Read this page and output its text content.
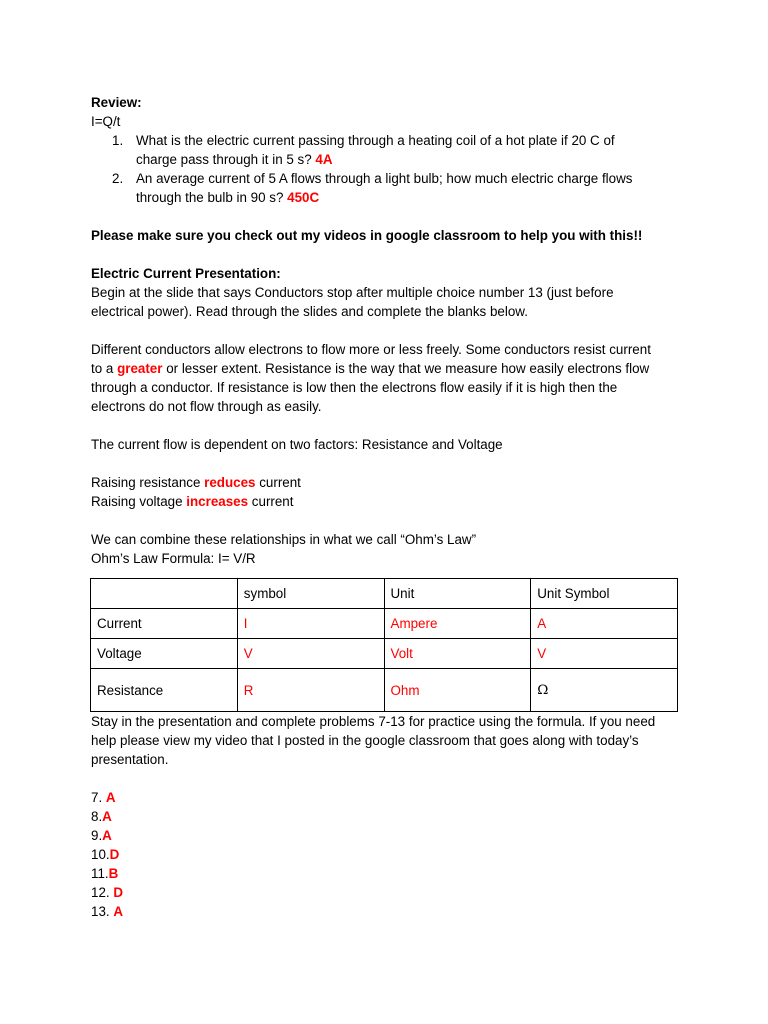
Review:
I=Q/t
1. What is the electric current passing through a heating coil of a hot plate if 20 C of charge pass through it in 5 s? 4A
2. An average current of 5 A flows through a light bulb; how much electric charge flows through the bulb in 90 s? 450C
Please make sure you check out my videos in google classroom to help you with this!!
Electric Current Presentation:
Begin at the slide that says Conductors stop after multiple choice number 13 (just before electrical power). Read through the slides and complete the blanks below.
Different conductors allow electrons to flow more or less freely. Some conductors resist current
to a greater or lesser extent. Resistance is the way that we measure how easily electrons flow
through a conductor. If resistance is low then the electrons flow easily if it is high then the
electrons do not flow through as easily.
The current flow is dependent on two factors: Resistance and Voltage
Raising resistance reduces current
Raising voltage increases current
We can combine these relationships in what we call “Ohm’s Law”
Ohm’s Law Formula: I= V/R
	symbol	Unit	Unit Symbol
Current	I	Ampere	A
Voltage	V	Volt	V
Resistance	R	Ohm	Ω
Stay in the presentation and complete problems 7-13 for practice using the formula. If you need
help please view my video that I posted in the google classroom that goes along with today’s
presentation.
7. A
8.A
9.A
10.D
11.B
12. D
13. A
